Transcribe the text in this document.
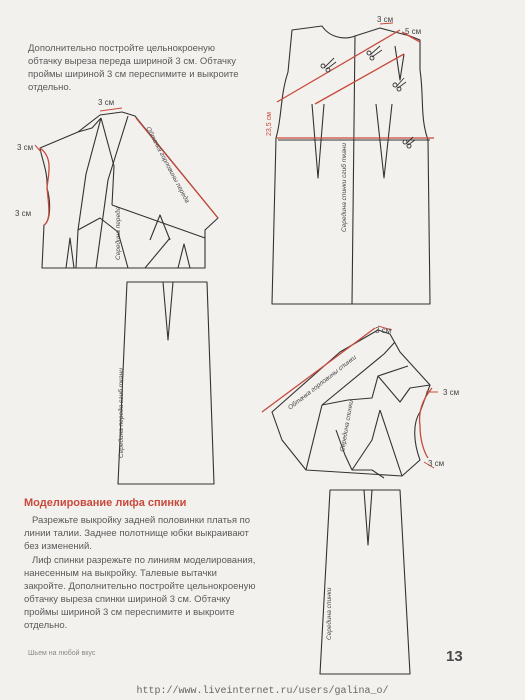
Дополнительно постройте цельнокроеную обтачку выреза переда шириной 3 см. Обтачку проймы шириной 3 см пересnимите и выкроите отдельно.
3 см
3 см
3 см	Середина переда
Обтачка горловины переда
Середина переда сгиб ткани
3 см
5 см
23,5 см
Середина спинки сгиб ткани
3 см
3 см
3 см
Обтачка горловины спинки
Середина спинки
Середина спинки
Моделирование лифа спинки

Разрежьте выкройку задней половинки платья по линии талии. Заднее полотнище юбки выкраивают без изменений.

Лиф спинки разрежьте по линиям моделирования, нанесенным на выкройку. Талевые вытачки закройте. Дополнительно постройте цельнокроеную обтачку выреза спинки шириной 3 см. Обтачку проймы шириной 3 см пересnимите и выкроите отдельно.

Шьем на любой вкус	13
http://www.liveinternet.ru/users/galina_o/
